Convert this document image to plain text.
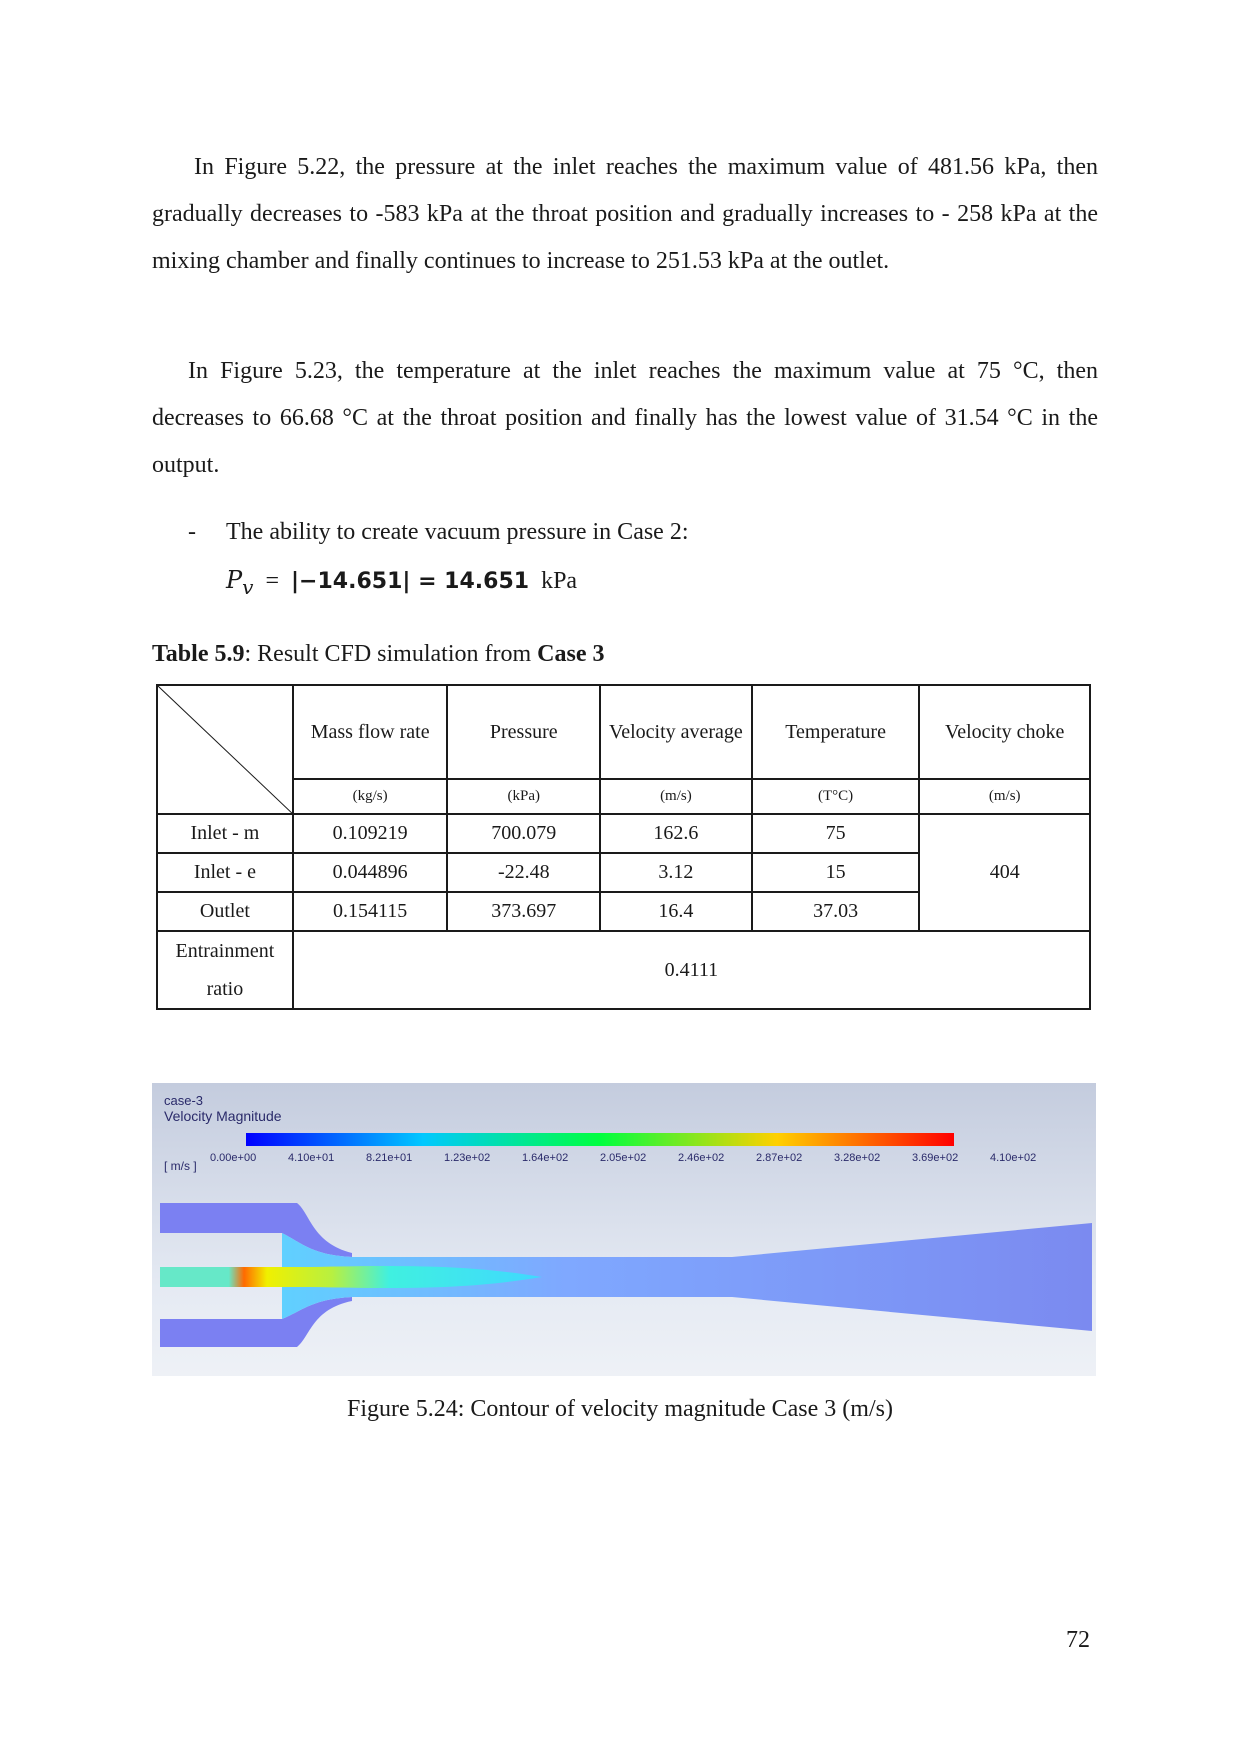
In Figure 5.22, the pressure at the inlet reaches the maximum value of 481.56 kPa, then gradually decreases to -583 kPa at the throat position and gradually increases to - 258 kPa at the mixing chamber and finally continues to increase to 251.53 kPa at the outlet.

In Figure 5.23, the temperature at the inlet reaches the maximum value at 75 °C, then decreases to 66.68 °C at the throat position and finally has the lowest value of 31.54 °C in the output.

- The ability to create vacuum pressure in Case 2:
$P_v = |-14.651| = 14.651$ kPa
Table 5.9: Result CFD simulation from Case 3
	Mass flow rate	Pressure	Velocity average	Temperature	Velocity choke
	(kg/s)	(kPa)	(m/s)	(T°C)	(m/s)
Inlet - m	0.109219	700.079	162.6	75	404
Inlet - e	0.044896	-22.48	3.12	15	
Outlet	0.154115	373.697	16.4	37.03	
Entrainment ratio	0.4111				
case-3
Velocity Magnitude
[ m/s ]
0.00e+00	4.10e+01	8.21e+01	1.23e+02	1.64e+02	2.05e+02	2.46e+02	2.87e+02	3.28e+02	3.69e+02	4.10e+02
Figure 5.24: Contour of velocity magnitude Case 3 (m/s)
72
